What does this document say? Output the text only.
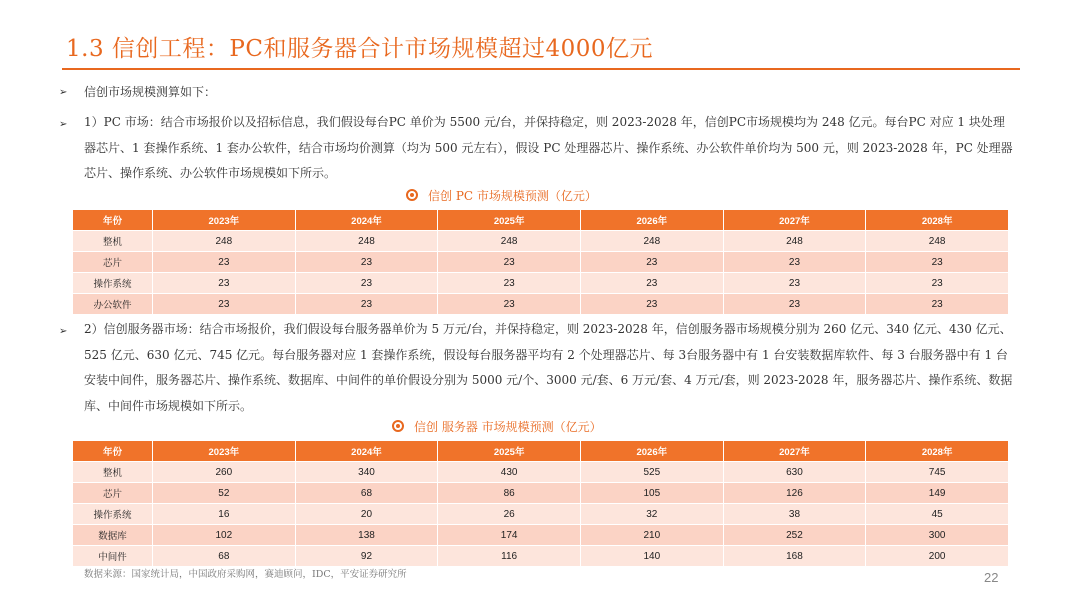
1.3 信创工程：PC和服务器合计市场规模超过4000亿元
➢ 信创市场规模测算如下：

➢ 1）PC 市场：结合市场报价以及招标信息，我们假设每台PC 单价为 5500 元/台，并保持稳定，则 2023-2028 年，信创PC市场规模均为 248 亿元。每台PC 对应 1 块处理器芯片、1 套操作系统、1 套办公软件，结合市场均价测算（均为 500 元左右），假设 PC 处理器芯片、操作系统、办公软件单价均为 500 元，则 2023-2028 年，PC 处理器芯片、操作系统、办公软件市场规模如下所示。

信创 PC 市场规模预测（亿元）
年份	2023年	2024年	2025年	2026年	2027年	2028年
整机	248	248	248	248	248	248
芯片	23	23	23	23	23	23
操作系统	23	23	23	23	23	23
办公软件	23	23	23	23	23	23
➢ 2）信创服务器市场：结合市场报价，我们假设每台服务器单价为 5 万元/台，并保持稳定，则 2023-2028 年，信创服务器市场规模分别为 260 亿元、340 亿元、430 亿元、525 亿元、630 亿元、745 亿元。每台服务器对应 1 套操作系统，假设每台服务器平均有 2 个处理器芯片、每 3台服务器中有 1 台安装数据库软件、每 3 台服务器中有 1 台安装中间件，服务器芯片、操作系统、数据库、中间件的单价假设分别为 5000 元/个、3000 元/套、6 万元/套、4 万元/套，则 2023-2028 年，服务器芯片、操作系统、数据库、中间件市场规模如下所示。

信创 服务器 市场规模预测（亿元）
年份	2023年	2024年	2025年	2026年	2027年	2028年
整机	260	340	430	525	630	745
芯片	52	68	86	105	126	149
操作系统	16	20	26	32	38	45
数据库	102	138	174	210	252	300
中间件	68	92	116	140	168	200
数据来源：国家统计局，中国政府采购网，赛迪顾问，IDC，平安证券研究所	22
